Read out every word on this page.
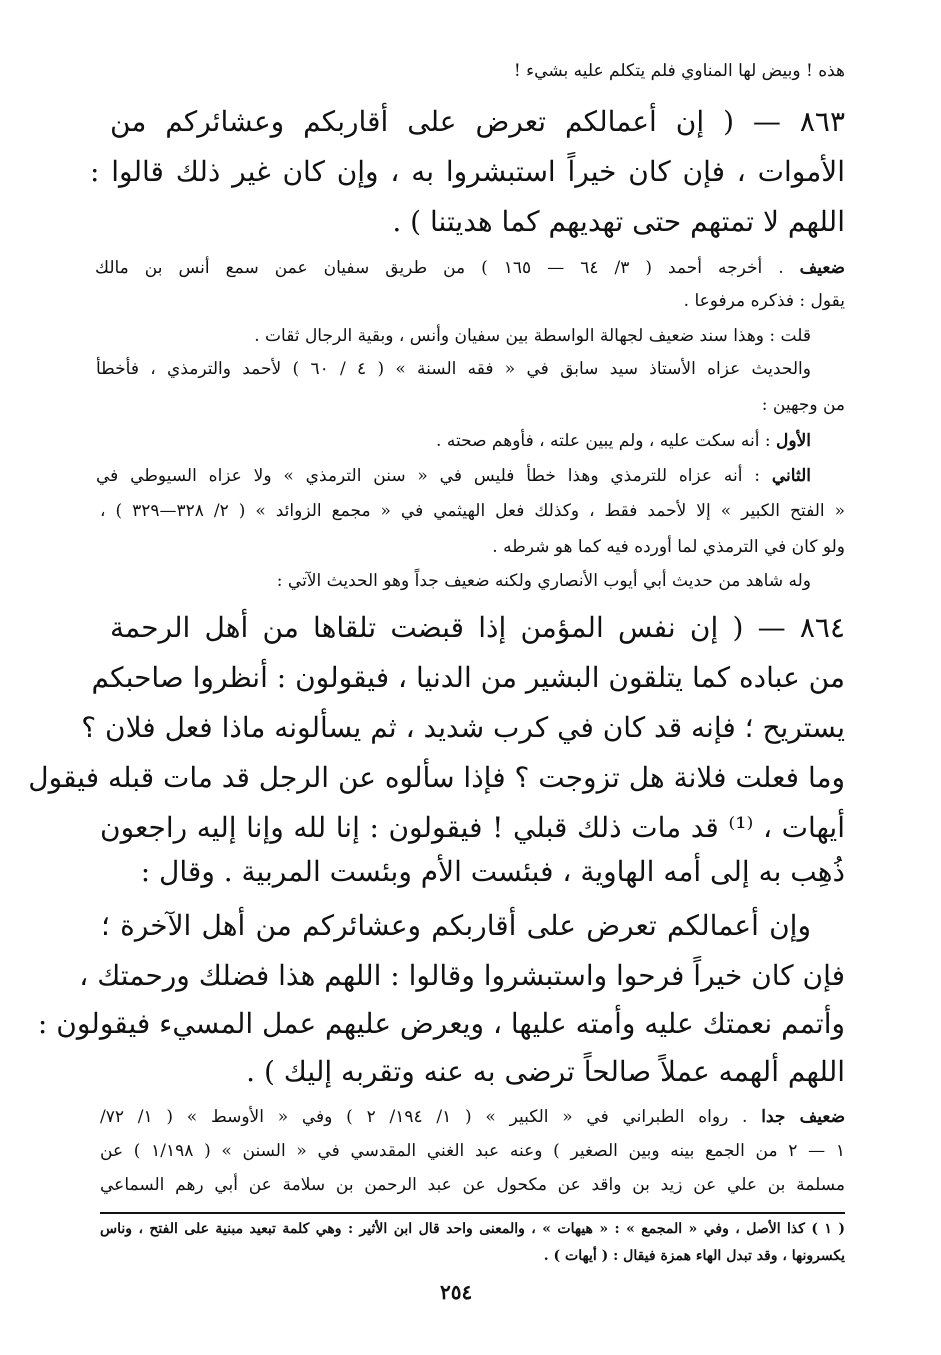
هذه ! وبيض لها المناوي فلم يتكلم عليه بشيء !
٨٦٣ — ( إن أعمالكم تعرض على أقاربكم وعشائركم من
الأموات ، فإن كان خيراً استبشروا به ، وإن كان غير ذلك قالوا :
اللهم لا تمتهم حتى تهديهم كما هديتنا ) .
ضعيف . أخرجه أحمد ( ٣/ ٦٤ — ١٦٥ ) من طريق سفيان عمن سمع أنس بن مالك
يقول : فذكره مرفوعا .
قلت : وهذا سند ضعيف لجهالة الواسطة بين سفيان وأنس ، وبقية الرجال ثقات .
والحديث عزاه الأستاذ سيد سابق في « فقه السنة » ( ٤ / ٦٠ ) لأحمد والترمذي ، فأخطأ
من وجهين :
الأول : أنه سكت عليه ، ولم يبين علته ، فأوهم صحته .
الثاني : أنه عزاه للترمذي وهذا خطأ فليس في « سنن الترمذي » ولا عزاه السيوطي في
« الفتح الكبير » إلا لأحمد فقط ، وكذلك فعل الهيثمي في « مجمع الزوائد » ( ٢/ ٣٢٨—٣٢٩ ) ،
ولو كان في الترمذي لما أورده فيه كما هو شرطه .
وله شاهد من حديث أبي أيوب الأنصاري ولكنه ضعيف جداً وهو الحديث الآتي :
٨٦٤ — ( إن نفس المؤمن إذا قبضت تلقاها من أهل الرحمة
من عباده كما يتلقون البشير من الدنيا ، فيقولون : أنظروا صاحبكم
يستريح ؛ فإنه قد كان في كرب شديد ، ثم يسألونه ماذا فعل فلان ؟
وما فعلت فلانة هل تزوجت ؟ فإذا سألوه عن الرجل قد مات قبله فيقول
أيهات ، ⁽¹⁾ قد مات ذلك قبلي ! فيقولون : إنا لله وإنا إليه راجعون
ذُهِب به إلى أمه الهاوية ، فبئست الأم وبئست المربية . وقال :
وإن أعمالكم تعرض على أقاربكم وعشائركم من أهل الآخرة ؛
فإن كان خيراً فرحوا واستبشروا وقالوا : اللهم هذا فضلك ورحمتك ،
وأتمم نعمتك عليه وأمته عليها ، ويعرض عليهم عمل المسيء فيقولون :
اللهم ألهمه عملاً صالحاً ترضى به عنه وتقربه إليك ) .
ضعيف جدا . رواه الطبراني في « الكبير » ( ١/ ١٩٤/ ٢ ) وفي « الأوسط » ( ١/ ٧٢/
١ — ٢ من الجمع بينه وبين الصغير ) وعنه عبد الغني المقدسي في « السنن » ( ١/١٩٨ ) عن
مسلمة بن علي عن زيد بن واقد عن مكحول عن عبد الرحمن بن سلامة عن أبي رهم السماعي
( ١ ) كذا الأصل ، وفي « المجمع » : « هيهات » ، والمعنى واحد قال ابن الأثير : وهي كلمة تبعيد مبنية على الفتح ، وناس
يكسرونها ، وقد تبدل الهاء همزة فيقال : ( أيهات ) .
٢٥٤
